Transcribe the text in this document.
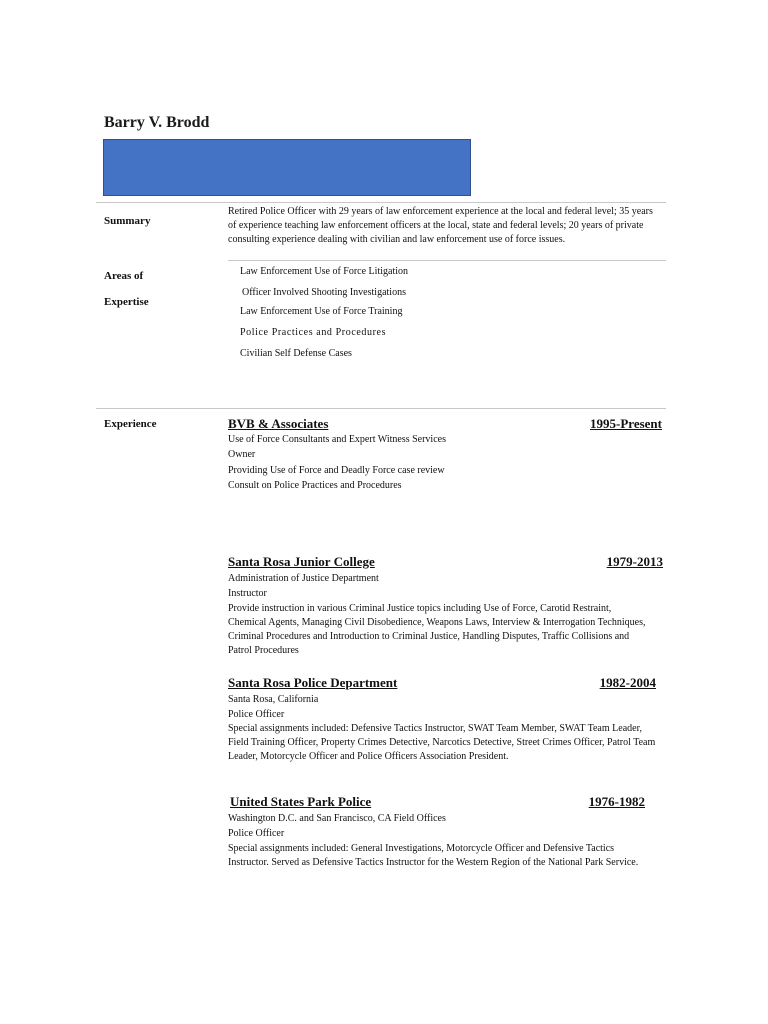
Barry V. Brodd
Summary
Retired Police Officer with 29 years of law enforcement experience at the local and federal level; 35 years of experience teaching law enforcement officers at the local, state and federal levels; 20 years of private consulting experience dealing with civilian and law enforcement use of force issues.
Areas of
Expertise
Law Enforcement Use of Force Litigation
Officer Involved Shooting Investigations
Law Enforcement Use of Force Training
Police Practices and Procedures
Civilian Self Defense Cases
Experience	BVB & Associates	1995-Present
Use of Force Consultants and Expert Witness Services
Owner
Providing Use of Force and Deadly Force case review
Consult on Police Practices and Procedures
Santa Rosa Junior College	1979-2013
Administration of Justice Department
Instructor
Provide instruction in various Criminal Justice topics including Use of Force, Carotid Restraint, Chemical Agents, Managing Civil Disobedience, Weapons Laws, Interview & Interrogation Techniques, Criminal Procedures and Introduction to Criminal Justice, Handling Disputes, Traffic Collisions and Patrol Procedures
Santa Rosa Police Department	1982-2004
Santa Rosa, California
Police Officer
Special assignments included: Defensive Tactics Instructor, SWAT Team Member, SWAT Team Leader, Field Training Officer, Property Crimes Detective, Narcotics Detective, Street Crimes Officer, Patrol Team Leader, Motorcycle Officer and Police Officers Association President.
United States Park Police	1976-1982
Washington D.C. and San Francisco, CA Field Offices
Police Officer
Special assignments included: General Investigations, Motorcycle Officer and Defensive Tactics Instructor. Served as Defensive Tactics Instructor for the Western Region of the National Park Service.
